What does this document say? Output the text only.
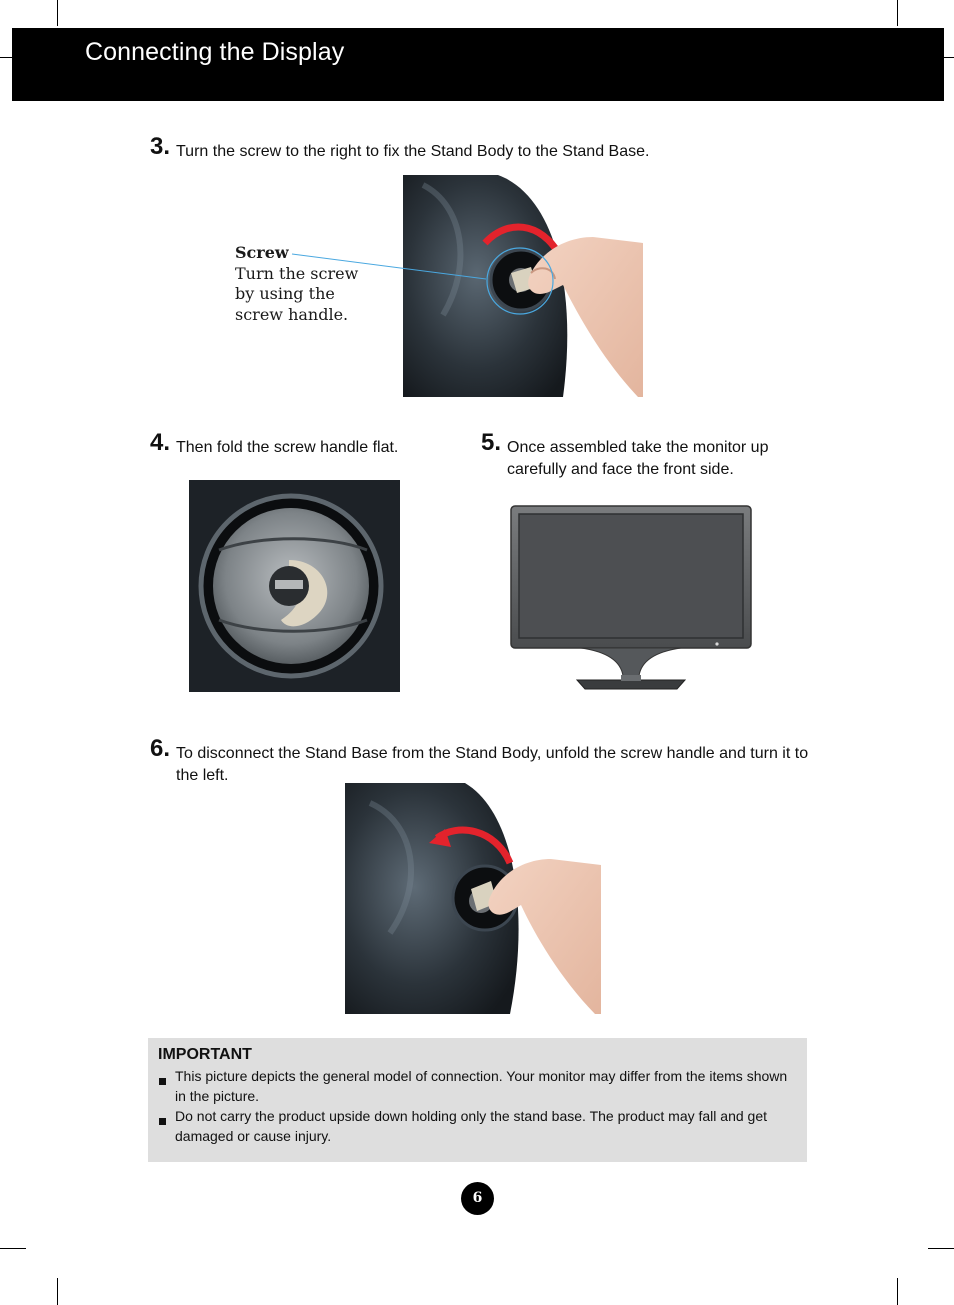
Connecting the Display
3. Turn the screw to the right to fix the Stand Body to the Stand Base.
Screw
Turn the screw
by using the
screw handle.
4. Then fold the screw handle flat.	5. Once assembled take the monitor up carefully and face the front side.
6. To disconnect the Stand Base from the Stand Body, unfold the screw handle and turn it to the left.
IMPORTANT
This picture depicts the general model of connection. Your monitor may differ from the items shown in the picture.
Do not carry the product upside down holding only the stand base. The product may fall and get damaged or cause injury.
6
